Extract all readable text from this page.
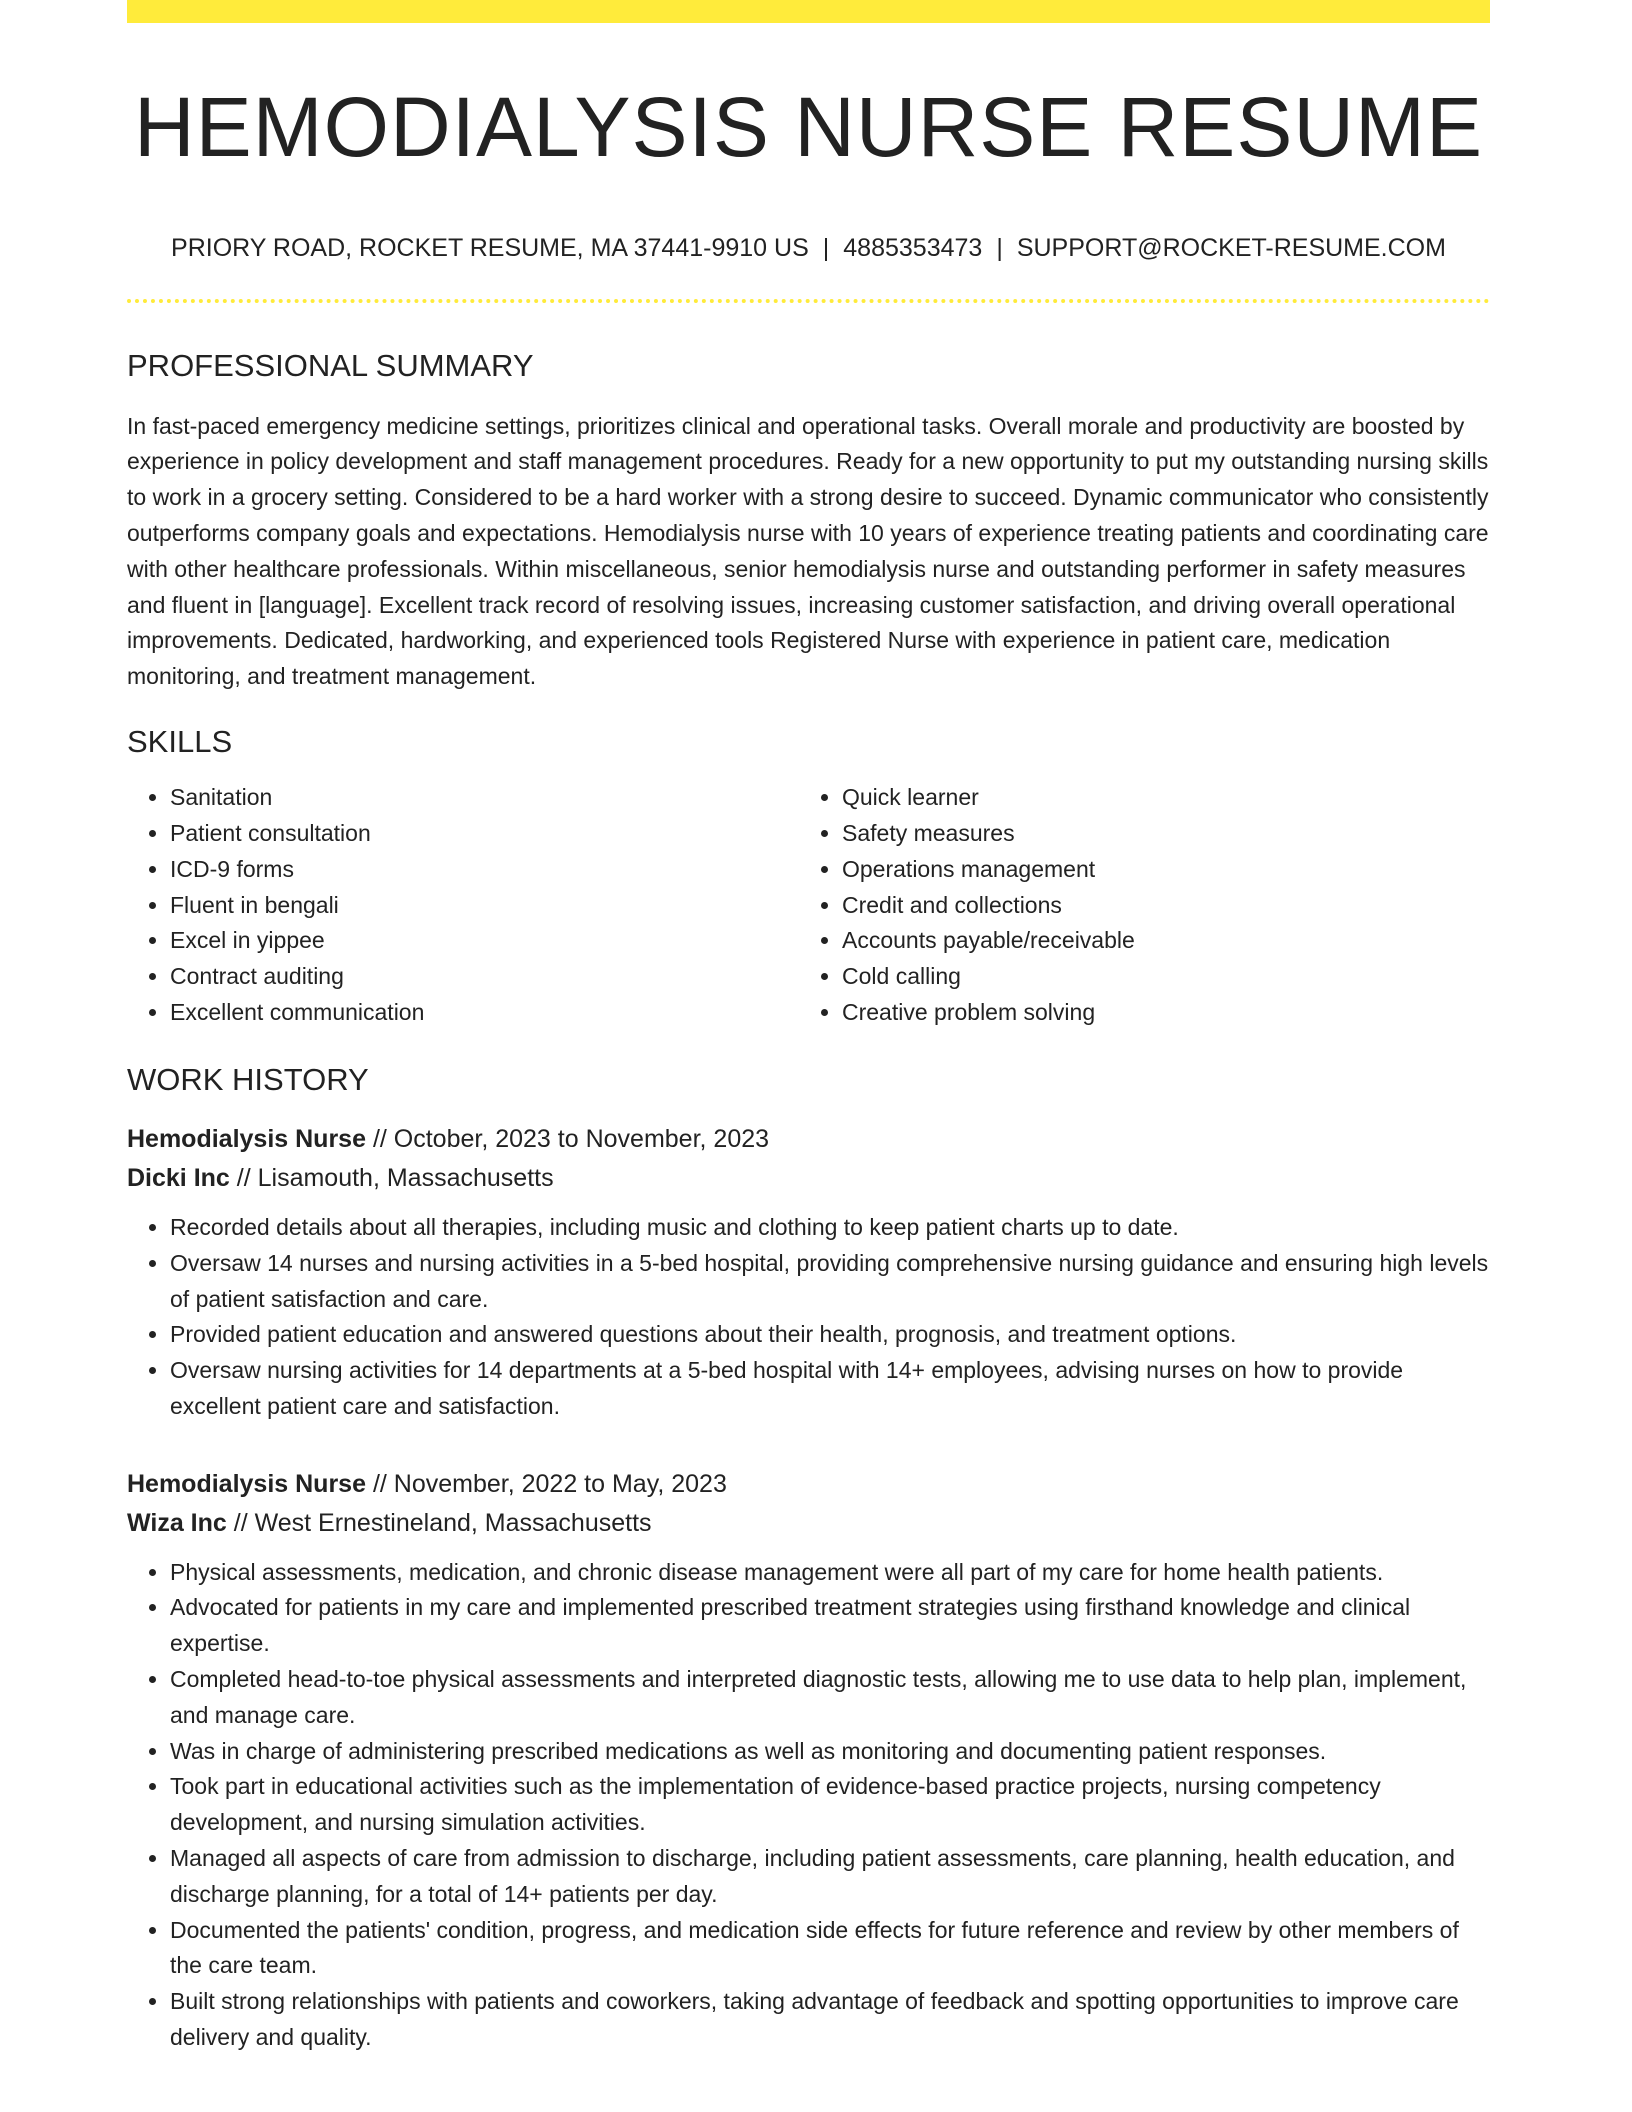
HEMODIALYSIS NURSE RESUME
PRIORY ROAD, ROCKET RESUME, MA 37441-9910 US | 4885353473 | SUPPORT@ROCKET-RESUME.COM
PROFESSIONAL SUMMARY
In fast-paced emergency medicine settings, prioritizes clinical and operational tasks. Overall morale and productivity are boosted by experience in policy development and staff management procedures. Ready for a new opportunity to put my outstanding nursing skills to work in a grocery setting. Considered to be a hard worker with a strong desire to succeed. Dynamic communicator who consistently outperforms company goals and expectations. Hemodialysis nurse with 10 years of experience treating patients and coordinating care with other healthcare professionals. Within miscellaneous, senior hemodialysis nurse and outstanding performer in safety measures and fluent in [language]. Excellent track record of resolving issues, increasing customer satisfaction, and driving overall operational improvements. Dedicated, hardworking, and experienced tools Registered Nurse with experience in patient care, medication monitoring, and treatment management.
SKILLS
• Sanitation
• Patient consultation
• ICD-9 forms
• Fluent in bengali
• Excel in yippee
• Contract auditing
• Excellent communication
• Quick learner
• Safety measures
• Operations management
• Credit and collections
• Accounts payable/receivable
• Cold calling
• Creative problem solving
WORK HISTORY
Hemodialysis Nurse // October, 2023 to November, 2023
Dicki Inc // Lisamouth, Massachusetts
• Recorded details about all therapies, including music and clothing to keep patient charts up to date.
• Oversaw 14 nurses and nursing activities in a 5-bed hospital, providing comprehensive nursing guidance and ensuring high levels of patient satisfaction and care.
• Provided patient education and answered questions about their health, prognosis, and treatment options.
• Oversaw nursing activities for 14 departments at a 5-bed hospital with 14+ employees, advising nurses on how to provide excellent patient care and satisfaction.
Hemodialysis Nurse // November, 2022 to May, 2023
Wiza Inc // West Ernestineland, Massachusetts
• Physical assessments, medication, and chronic disease management were all part of my care for home health patients.
• Advocated for patients in my care and implemented prescribed treatment strategies using firsthand knowledge and clinical expertise.
• Completed head-to-toe physical assessments and interpreted diagnostic tests, allowing me to use data to help plan, implement, and manage care.
• Was in charge of administering prescribed medications as well as monitoring and documenting patient responses.
• Took part in educational activities such as the implementation of evidence-based practice projects, nursing competency development, and nursing simulation activities.
• Managed all aspects of care from admission to discharge, including patient assessments, care planning, health education, and discharge planning, for a total of 14+ patients per day.
• Documented the patients' condition, progress, and medication side effects for future reference and review by other members of the care team.
• Built strong relationships with patients and coworkers, taking advantage of feedback and spotting opportunities to improve care delivery and quality.
